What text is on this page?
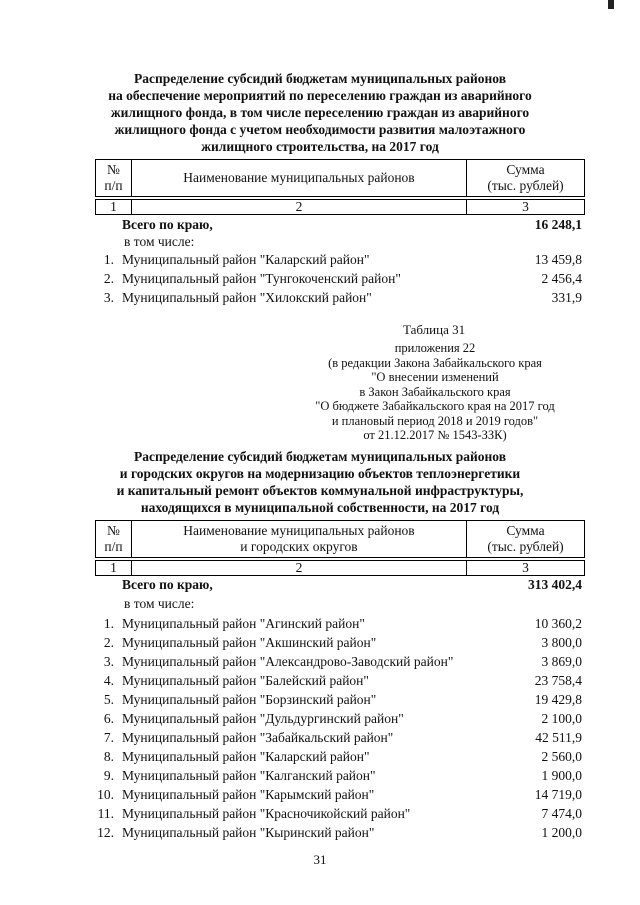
Распределение субсидий бюджетам муниципальных районов
на обеспечение мероприятий по переселению граждан из аварийного
жилищного фонда, в том числе переселению граждан из аварийного
жилищного фонда с учетом необходимости развития малоэтажного
жилищного строительства, на 2017 год
№
п/п
Наименование муниципальных районов
Сумма
(тыс. рублей)
1	2	3
Всего по краю,	16 248,1
в том числе:
1. Муниципальный район "Каларский район"	13 459,8
2. Муниципальный район "Тунгокоченский район"	2 456,4
3. Муниципальный район "Хилокский район"	331,9
Таблица 31
приложения 22
(в редакции Закона Забайкальского края
"О внесении изменений
в Закон Забайкальского края
"О бюджете Забайкальского края на 2017 год
и плановый период 2018 и 2019 годов"
от 21.12.2017 № 1543-ЗЗК)
Распределение субсидий бюджетам муниципальных районов
и городских округов на модернизацию объектов теплоэнергетики
и капитальный ремонт объектов коммунальной инфраструктуры,
находящихся в муниципальной собственности, на 2017 год
№
п/п
Наименование муниципальных районов
и городских округов
Сумма
(тыс. рублей)
1	2	3
Всего по краю,	313 402,4
в том числе:
1. Муниципальный район "Агинский район"	10 360,2
2. Муниципальный район "Акшинский район"	3 800,0
3. Муниципальный район "Александрово-Заводский район"	3 869,0
4. Муниципальный район "Балейский район"	23 758,4
5. Муниципальный район "Борзинский район"	19 429,8
6. Муниципальный район "Дульдургинский район"	2 100,0
7. Муниципальный район "Забайкальский район"	42 511,9
8. Муниципальный район "Каларский район"	2 560,0
9. Муниципальный район "Калганский район"	1 900,0
10. Муниципальный район "Карымский район"	14 719,0
11. Муниципальный район "Красночикойский район"	7 474,0
12. Муниципальный район "Кыринский район"	1 200,0
31
